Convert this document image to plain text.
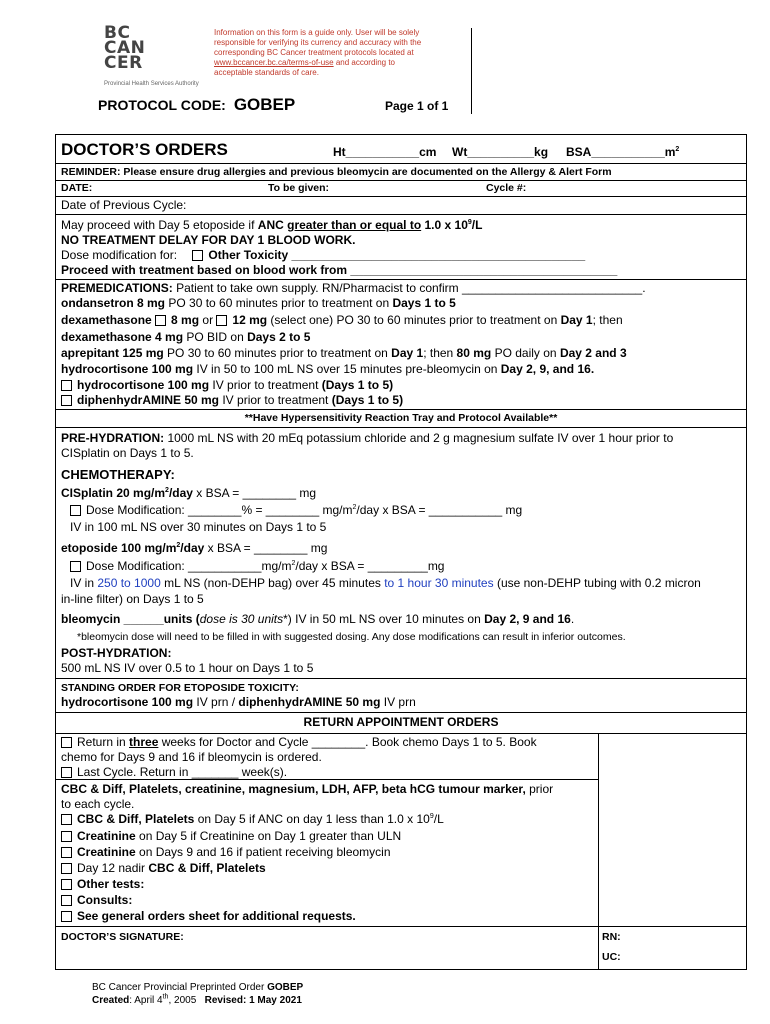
BC
CAN
CER
Provincial Health Services Authority
Information on this form is a guide only. User will be solely
responsible for verifying its currency and accuracy with the
corresponding BC Cancer treatment protocols located at
www.bccancer.bc.ca/terms-of-use and according to
acceptable standards of care.
PROTOCOL CODE: GOBEP	Page 1 of 1
DOCTOR’S ORDERS	Ht___________cm Wt__________kg $BSA\_\_\_\_\_\_\_\_\_\_\_m^2$
REMINDER: Please ensure drug allergies and previous bleomycin are documented on the Allergy & Alert Form
DATE:	To be given:	Cycle #:
Date of Previous Cycle:
May proceed with Day 5 etoposide if ANC greater than or equal to 1.0 x $10^9/L$
NO TREATMENT DELAY FOR DAY 1 BLOOD WORK.
Dose modification for:	Other Toxicity ____________________________________________
Proceed with treatment based on blood work from ________________________________________
PREMEDICATIONS: Patient to take own supply. RN/Pharmacist to confirm ___________________________.
ondansetron 8 mg PO 30 to 60 minutes prior to treatment on Days 1 to 5
dexamethasone 8 mg or 12 mg (select one) PO 30 to 60 minutes prior to treatment on Day 1; then
dexamethasone 4 mg PO BID on Days 2 to 5
aprepitant 125 mg PO 30 to 60 minutes prior to treatment on Day 1; then 80 mg PO daily on Day 2 and 3
hydrocortisone 100 mg IV in 50 to 100 mL NS over 15 minutes pre-bleomycin on Day 2, 9, and 16.
hydrocortisone 100 mg IV prior to treatment (Days 1 to 5)
diphenhydrAMINE 50 mg IV prior to treatment (Days 1 to 5)
**Have Hypersensitivity Reaction Tray and Protocol Available**
PRE-HYDRATION: 1000 mL NS with 20 mEq potassium chloride and 2 g magnesium sulfate IV over 1 hour prior to
CISplatin on Days 1 to 5.
CHEMOTHERAPY:
CISplatin 20 $mg/m^2$/day x BSA = ________ mg
Dose Modification: ________% = ________ $mg/m^2$/day x BSA = ___________ mg
IV in 100 mL NS over 30 minutes on Days 1 to 5
etoposide 100 $mg/m^2$/day x BSA = ________ mg
Dose Modification: $\_\_\_\_\_\_\_\_\_\_\_mg/m^2$/day x BSA = _________mg
IV in 250 to 1000 mL NS (non-DEHP bag) over 45 minutes to 1 hour 30 minutes (use non-DEHP tubing with 0.2 micron
in-line filter) on Days 1 to 5
bleomycin ______units (dose is 30 units*) IV in 50 mL NS over 10 minutes on Day 2, 9 and 16.
*bleomycin dose will need to be filled in with suggested dosing. Any dose modifications can result in inferior outcomes.
POST-HYDRATION:
500 mL NS IV over 0.5 to 1 hour on Days 1 to 5
STANDING ORDER FOR ETOPOSIDE TOXICITY:
hydrocortisone 100 mg IV prn / diphenhydrAMINE 50 mg IV prn
RETURN APPOINTMENT ORDERS
Return in three weeks for Doctor and Cycle ________. Book chemo Days 1 to 5. Book
chemo for Days 9 and 16 if bleomycin is ordered.
Last Cycle. Return in _______ week(s).
CBC & Diff, Platelets, creatinine, magnesium, LDH, AFP, beta hCG tumour marker, prior
to each cycle.
CBC & Diff, Platelets on Day 5 if ANC on day 1 less than 1.0 x $10^9/L$
Creatinine on Day 5 if Creatinine on Day 1 greater than ULN
Creatinine on Days 9 and 16 if patient receiving bleomycin
Day 12 nadir CBC & Diff, Platelets
Other tests:
Consults:
See general orders sheet for additional requests.
DOCTOR’S SIGNATURE:	RN:
UC:
BC Cancer Provincial Preprinted Order GOBEP
Created: April 4th, 2005 Revised: 1 May 2021
